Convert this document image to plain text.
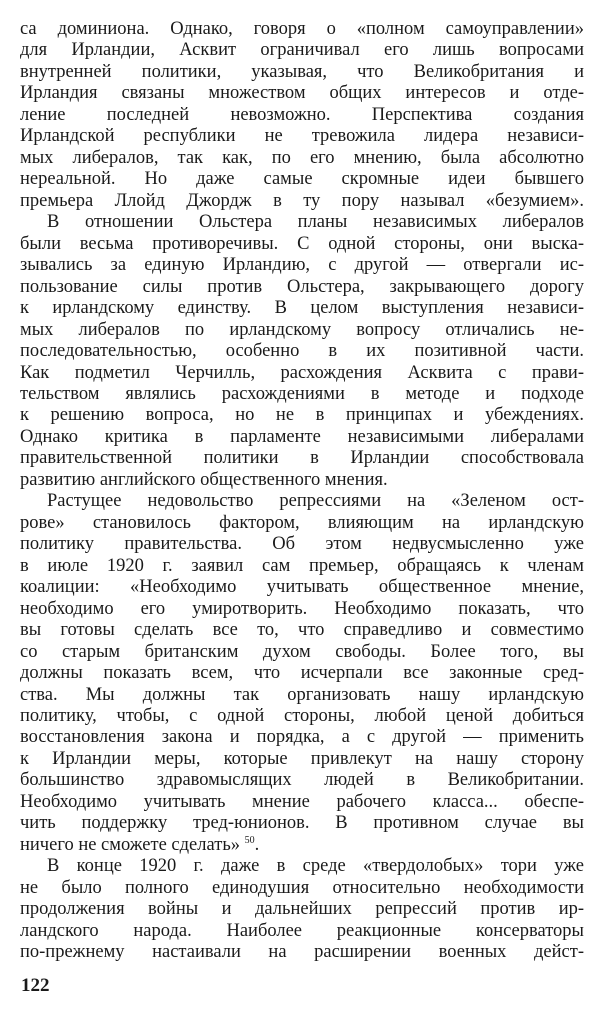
са доминиона. Однако, говоря о «полном самоуправлении»
для Ирландии, Асквит ограничивал его лишь вопросами
внутренней политики, указывая, что Великобритания и
Ирландия связаны множеством общих интересов и отде-
ление последней невозможно. Перспектива создания
Ирландской республики не тревожила лидера независи-
мых либералов, так как, по его мнению, была абсолютно
нереальной. Но даже самые скромные идеи бывшего
премьера Ллойд Джордж в ту пору называл «безумием».
В отношении Ольстера планы независимых либералов
были весьма противоречивы. С одной стороны, они выска-
зывались за единую Ирландию, с другой — отвергали ис-
пользование силы против Ольстера, закрывающего дорогу
к ирландскому единству. В целом выступления независи-
мых либералов по ирландскому вопросу отличались не-
последовательностью, особенно в их позитивной части.
Как подметил Черчилль, расхождения Асквита с прави-
тельством являлись расхождениями в методе и подходе
к решению вопроса, но не в принципах и убеждениях.
Однако критика в парламенте независимыми либералами
правительственной политики в Ирландии способствовала
развитию английского общественного мнения.
Растущее недовольство репрессиями на «Зеленом ост-
рове» становилось фактором, влияющим на ирландскую
политику правительства. Об этом недвусмысленно уже
в июле 1920 г. заявил сам премьер, обращаясь к членам
коалиции: «Необходимо учитывать общественное мнение,
необходимо его умиротворить. Необходимо показать, что
вы готовы сделать все то, что справедливо и совместимо
со старым британским духом свободы. Более того, вы
должны показать всем, что исчерпали все законные сред-
ства. Мы должны так организовать нашу ирландскую
политику, чтобы, с одной стороны, любой ценой добиться
восстановления закона и порядка, а с другой — применить
к Ирландии меры, которые привлекут на нашу сторону
большинство здравомыслящих людей в Великобритании.
Необходимо учитывать мнение рабочего класса... обеспе-
чить поддержку тред-юнионов. В противном случае вы
ничего не сможете сделать» $^{50}$.
В конце 1920 г. даже в среде «твердолобых» тори уже
не было полного единодушия относительно необходимости
продолжения войны и дальнейших репрессий против ир-
ландского народа. Наиболее реакционные консерваторы
по-прежнему настаивали на расширении военных дейст-
122
